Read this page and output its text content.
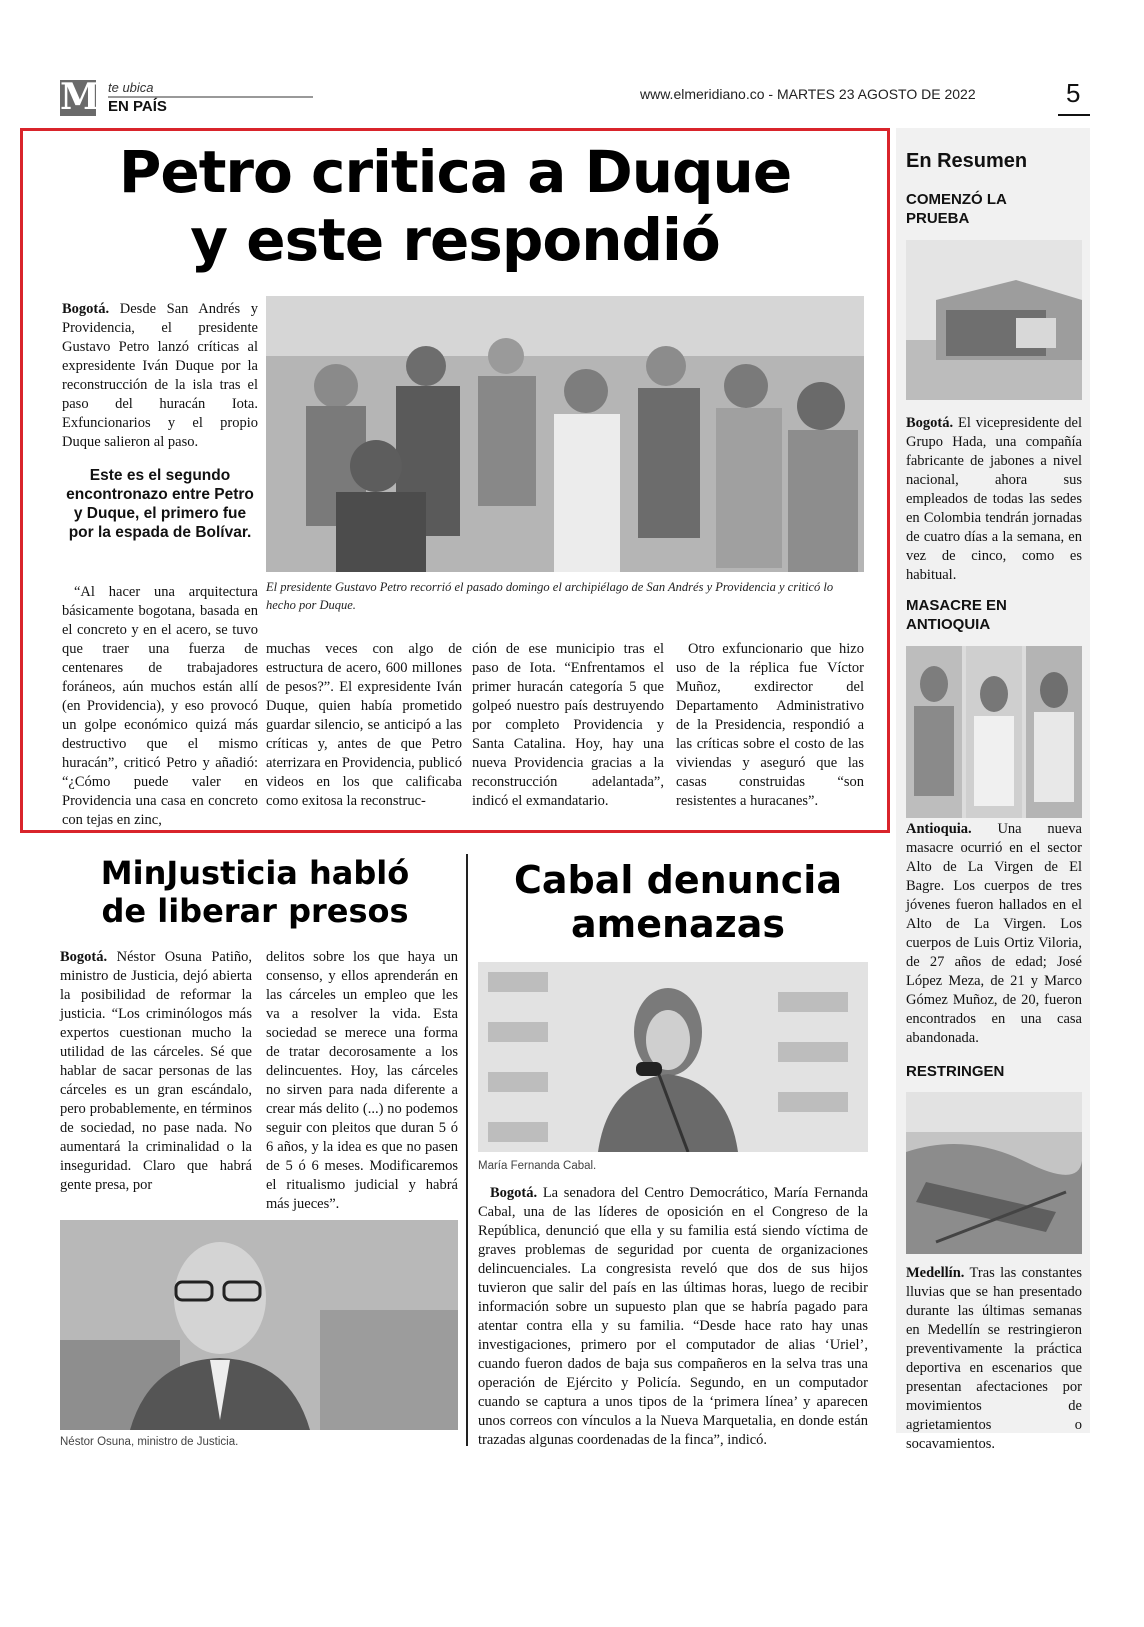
M te ubica
EN PAÍS
www.elmeridiano.co - MARTES 23 AGOSTO DE 2022	5
Petro critica a Duque
y este respondió

Bogotá. Desde San Andrés y Providencia, el presidente Gustavo Petro lanzó críticas al expresidente Iván Duque por la reconstrucción de la isla tras el paso del huracán Iota. Exfuncionarios y el propio Duque salieron al paso.

Este es el segundo encontronazo entre Petro y Duque, el primero fue por la espada de Bolívar.
El presidente Gustavo Petro recorrió el pasado domingo el archipiélago de San Andrés y Providencia y criticó lo hecho por Duque.

“Al hacer una arquitectura básicamente bogotana, basada en el concreto y en el acero, se tuvo que traer una fuerza de centenares de trabajadores foráneos, aún muchos están allí (en Providencia), y eso provocó un golpe económico quizá más destructivo que el mismo huracán”, criticó Petro y añadió: “¿Cómo puede valer en Providencia una casa en concreto con tejas en zinc,

muchas veces con algo de estructura de acero, 600 millones de pesos?”. El expresidente Iván Duque, quien había prometido guardar silencio, se anticipó a las críticas y, antes de que Petro aterrizara en Providencia, publicó videos en los que calificaba como exitosa la reconstruc-

ción de ese municipio tras el paso de Iota. “Enfrentamos el primer huracán categoría 5 que golpeó nuestro país destruyendo por completo Providencia y Santa Catalina. Hoy, hay una nueva Providencia gracias a la reconstrucción adelantada”, indicó el exmandatario.

Otro exfuncionario que hizo uso de la réplica fue Víctor Muñoz, exdirector del Departamento Administrativo de la Presidencia, respondió a las críticas sobre el costo de las viviendas y aseguró que las casas construidas “son resistentes a huracanes”.

MinJusticia habló
de liberar presos

Bogotá. Néstor Osuna Patiño, ministro de Justicia, dejó abierta la posibilidad de reformar la justicia. “Los criminólogos más expertos cuestionan mucho la utilidad de las cárceles. Sé que hablar de sacar personas de las cárceles es un gran escándalo, pero probablemente, en términos de sociedad, no pase nada. No aumentará la criminalidad o la inseguridad. Claro que habrá gente presa, por

delitos sobre los que haya un consenso, y ellos aprenderán en las cárceles un empleo que les va a resolver la vida. Esta sociedad se merece una forma de tratar decorosamente a los delincuentes. Hoy, las cárceles no sirven para nada diferente a crear más delito (...) no podemos seguir con pleitos que duran 5 ó 6 años, y la idea es que no pasen de 5 ó 6 meses. Modificaremos el ritualismo judicial y habrá más jueces”.

Néstor Osuna, ministro de Justicia.
Cabal denuncia
amenazas
María Fernanda Cabal.

Bogotá. La senadora del Centro Democrático, María Fernanda Cabal, una de las líderes de oposición en el Congreso de la República, denunció que ella y su familia está siendo víctima de graves problemas de seguridad por cuenta de organizaciones delincuenciales. La congresista reveló que dos de sus hijos tuvieron que salir del país en las últimas horas, luego de recibir información sobre un supuesto plan que se habría pagado para atentar contra ella y su familia. “Desde hace rato hay unas investigaciones, primero por el computador de alias ‘Uriel’, cuando fueron dados de baja sus compañeros en la selva tras una operación de Ejército y Policía. Segundo, en un computador cuando se captura a unos tipos de la ‘primera línea’ y aparecen unos correos con vínculos a la Nueva Marquetalia, en donde están trazadas algunas coordenadas de la finca”, indicó.

En Resumen
COMENZÓ LA PRUEBA

Bogotá. El vicepresidente del Grupo Hada, una compañía fabricante de jabones a nivel nacional, ahora sus empleados de todas las sedes en Colombia tendrán jornadas de cuatro días a la semana, en vez de cinco, como es habitual.

MASACRE EN ANTIOQUIA

Antioquia. Una nueva masacre ocurrió en el sector Alto de La Virgen de El Bagre. Los cuerpos de tres jóvenes fueron hallados en el Alto de La Virgen. Los cuerpos de Luis Ortiz Viloria, de 27 años de edad; José López Meza, de 21 y Marco Gómez Muñoz, de 20, fueron encontrados en una casa abandonada.

RESTRINGEN

Medellín. Tras las constantes lluvias que se han presentado durante las últimas semanas en Medellín se restringieron preventivamente la práctica deportiva en escenarios que presentan afectaciones por movimientos de agrietamientos o socavamientos.
